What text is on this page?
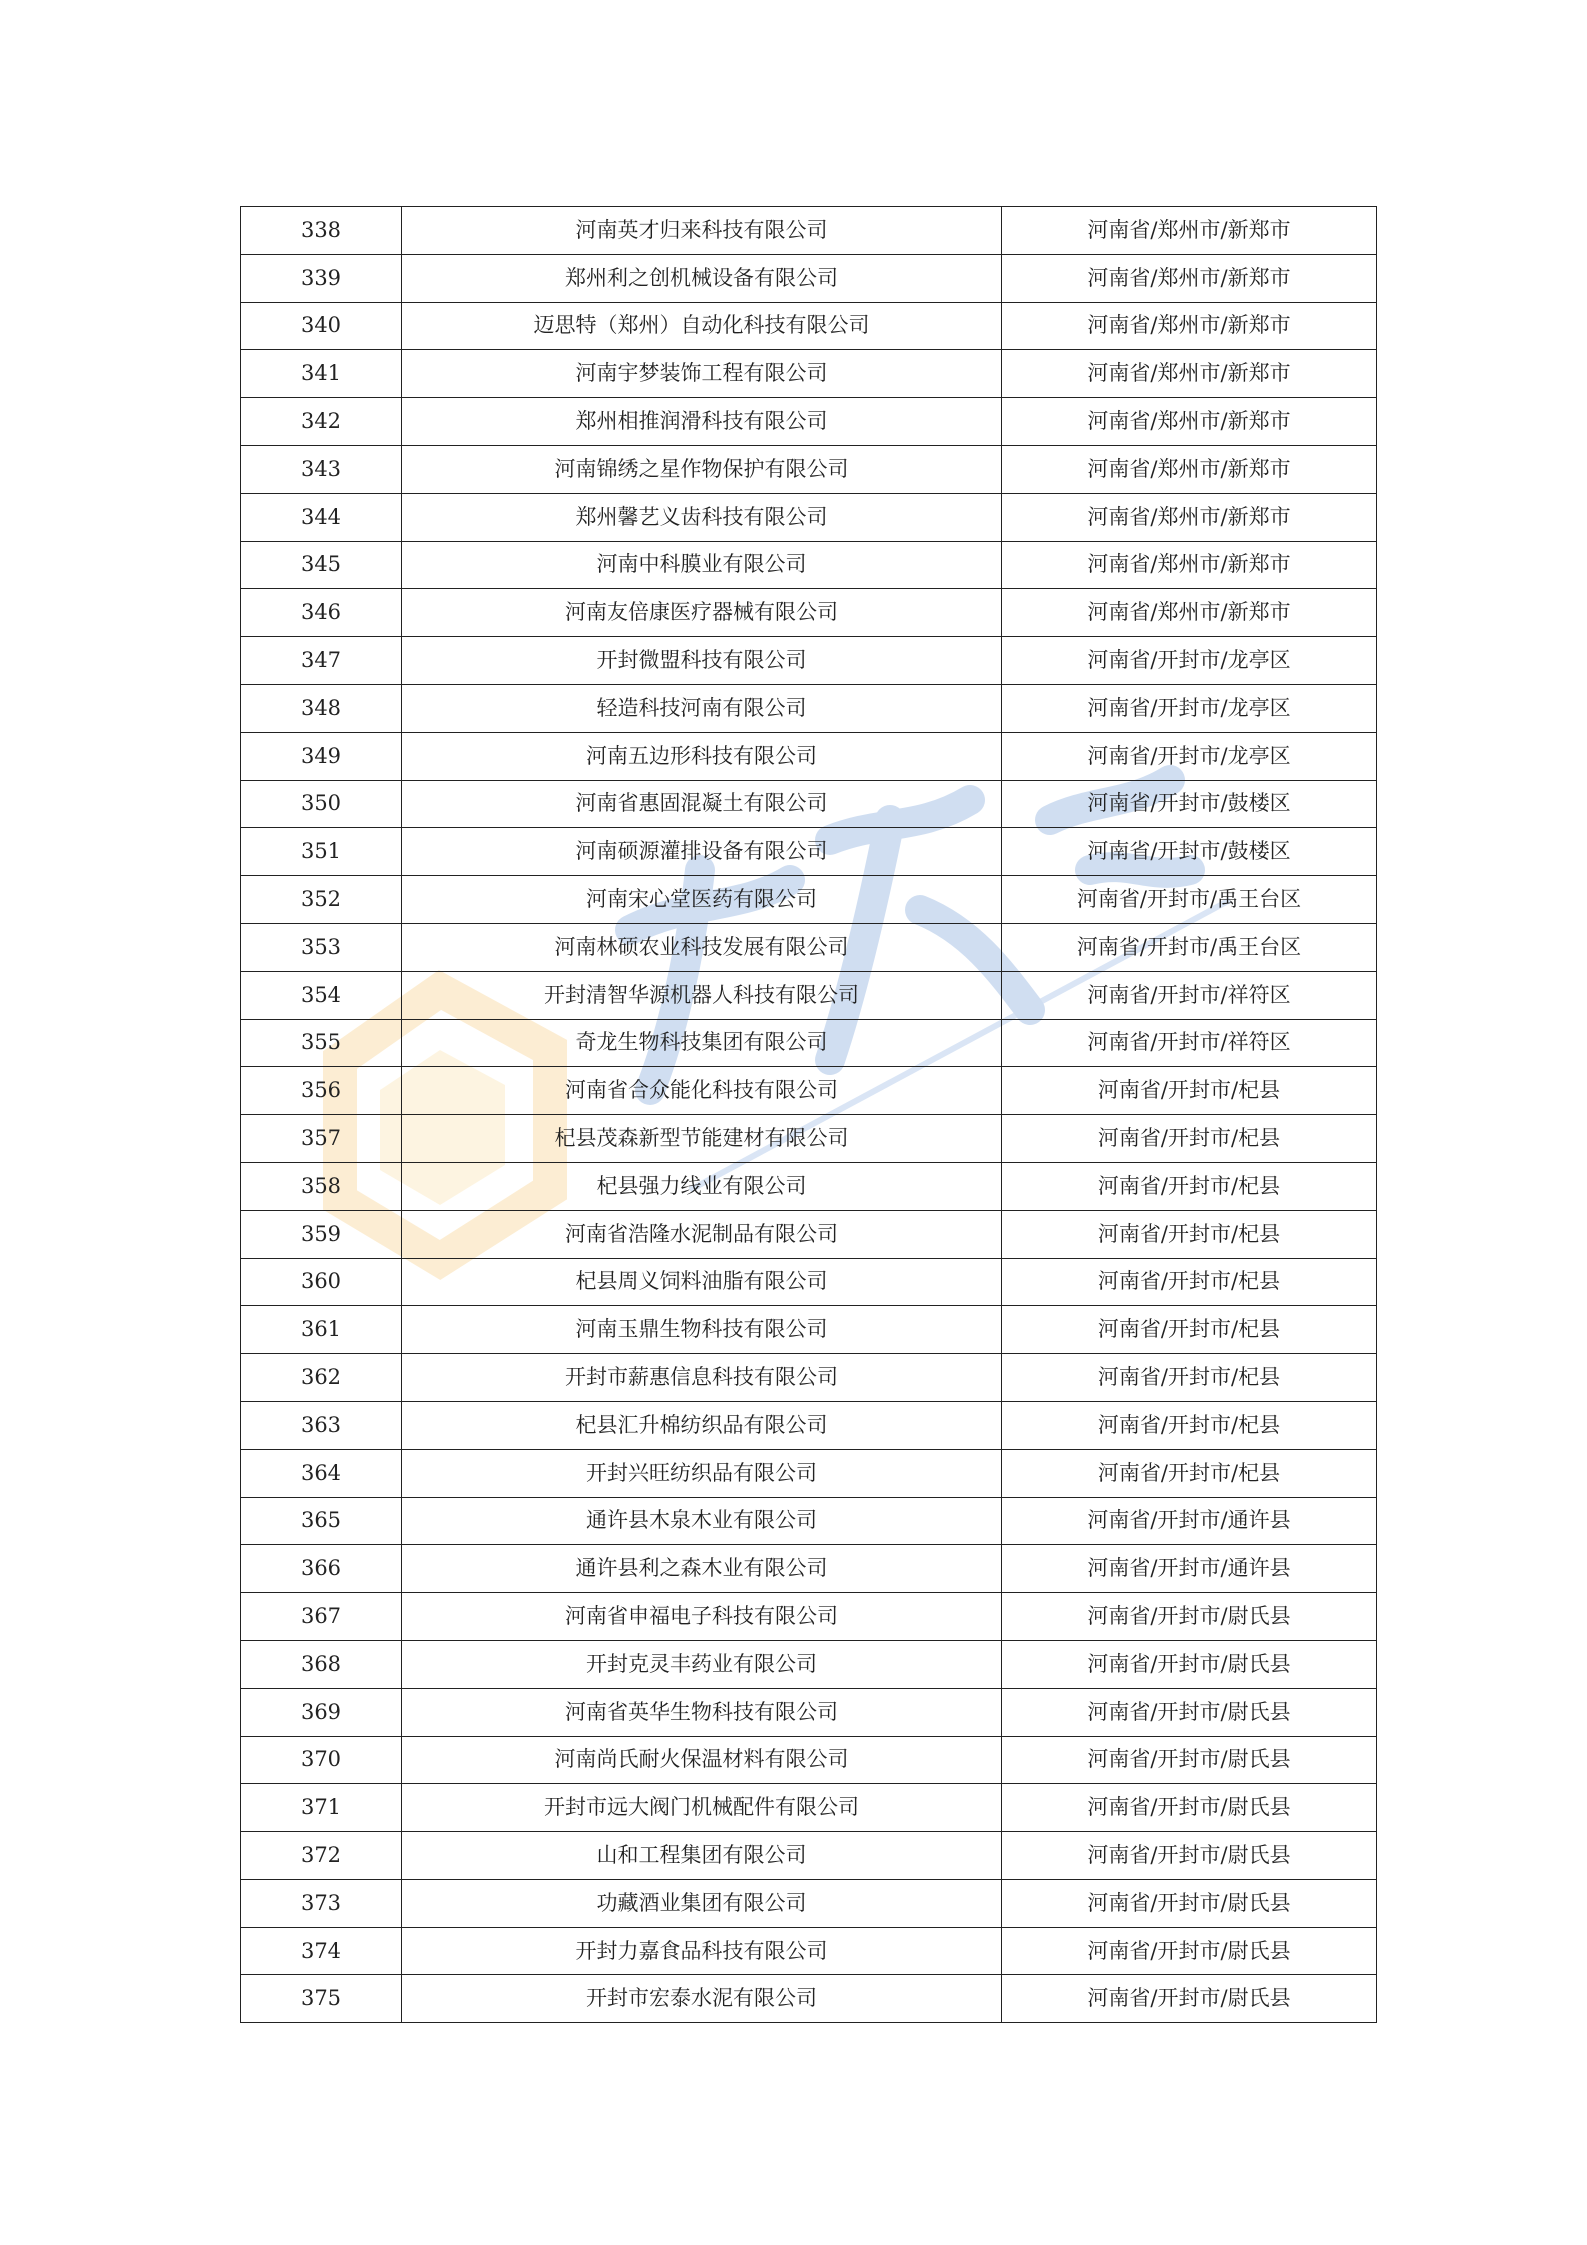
338	河南英才归来科技有限公司	河南省/郑州市/新郑市
339	郑州利之创机械设备有限公司	河南省/郑州市/新郑市
340	迈思特（郑州）自动化科技有限公司	河南省/郑州市/新郑市
341	河南宇梦装饰工程有限公司	河南省/郑州市/新郑市
342	郑州相推润滑科技有限公司	河南省/郑州市/新郑市
343	河南锦绣之星作物保护有限公司	河南省/郑州市/新郑市
344	郑州馨艺义齿科技有限公司	河南省/郑州市/新郑市
345	河南中科膜业有限公司	河南省/郑州市/新郑市
346	河南友倍康医疗器械有限公司	河南省/郑州市/新郑市
347	开封微盟科技有限公司	河南省/开封市/龙亭区
348	轻造科技河南有限公司	河南省/开封市/龙亭区
349	河南五边形科技有限公司	河南省/开封市/龙亭区
350	河南省惠固混凝土有限公司	河南省/开封市/鼓楼区
351	河南硕源灌排设备有限公司	河南省/开封市/鼓楼区
352	河南宋心堂医药有限公司	河南省/开封市/禹王台区
353	河南林硕农业科技发展有限公司	河南省/开封市/禹王台区
354	开封清智华源机器人科技有限公司	河南省/开封市/祥符区
355	奇龙生物科技集团有限公司	河南省/开封市/祥符区
356	河南省合众能化科技有限公司	河南省/开封市/杞县
357	杞县茂森新型节能建材有限公司	河南省/开封市/杞县
358	杞县强力线业有限公司	河南省/开封市/杞县
359	河南省浩隆水泥制品有限公司	河南省/开封市/杞县
360	杞县周义饲料油脂有限公司	河南省/开封市/杞县
361	河南玉鼎生物科技有限公司	河南省/开封市/杞县
362	开封市薪惠信息科技有限公司	河南省/开封市/杞县
363	杞县汇升棉纺织品有限公司	河南省/开封市/杞县
364	开封兴旺纺织品有限公司	河南省/开封市/杞县
365	通许县木泉木业有限公司	河南省/开封市/通许县
366	通许县利之森木业有限公司	河南省/开封市/通许县
367	河南省申福电子科技有限公司	河南省/开封市/尉氏县
368	开封克灵丰药业有限公司	河南省/开封市/尉氏县
369	河南省英华生物科技有限公司	河南省/开封市/尉氏县
370	河南尚氏耐火保温材料有限公司	河南省/开封市/尉氏县
371	开封市远大阀门机械配件有限公司	河南省/开封市/尉氏县
372	山和工程集团有限公司	河南省/开封市/尉氏县
373	功藏酒业集团有限公司	河南省/开封市/尉氏县
374	开封力嘉食品科技有限公司	河南省/开封市/尉氏县
375	开封市宏泰水泥有限公司	河南省/开封市/尉氏县
